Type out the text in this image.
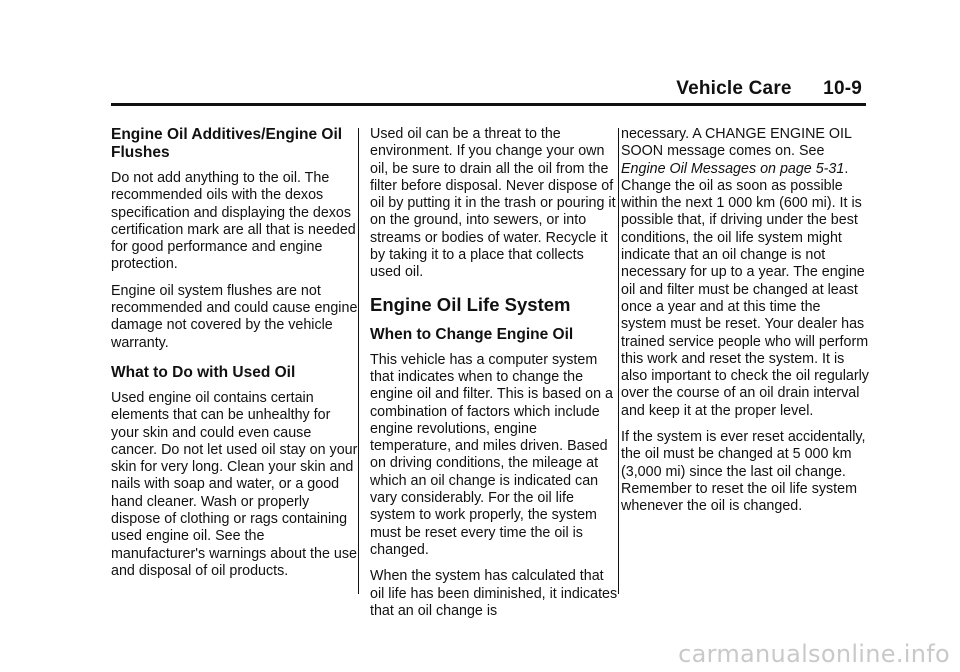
Vehicle Care 10-9
Engine Oil Additives/Engine Oil Flushes

Do not add anything to the oil. The recommended oils with the dexos specification and displaying the dexos certification mark are all that is needed for good performance and engine protection.

Engine oil system flushes are not recommended and could cause engine damage not covered by the vehicle warranty.

What to Do with Used Oil

Used engine oil contains certain elements that can be unhealthy for your skin and could even cause cancer. Do not let used oil stay on your skin for very long. Clean your skin and nails with soap and water, or a good hand cleaner. Wash or properly dispose of clothing or rags containing used engine oil. See the manufacturer's warnings about the use and disposal of oil products.

Used oil can be a threat to the environment. If you change your own oil, be sure to drain all the oil from the filter before disposal. Never dispose of oil by putting it in the trash or pouring it on the ground, into sewers, or into streams or bodies of water. Recycle it by taking it to a place that collects used oil.

Engine Oil Life System
When to Change Engine Oil

This vehicle has a computer system that indicates when to change the engine oil and filter. This is based on a combination of factors which include engine revolutions, engine temperature, and miles driven. Based on driving conditions, the mileage at which an oil change is indicated can vary considerably. For the oil life system to work properly, the system must be reset every time the oil is changed.

When the system has calculated that oil life has been diminished, it indicates that an oil change is

necessary. A CHANGE ENGINE OIL SOON message comes on. See Engine Oil Messages on page 5-31. Change the oil as soon as possible within the next 1 000 km (600 mi). It is possible that, if driving under the best conditions, the oil life system might indicate that an oil change is not necessary for up to a year. The engine oil and filter must be changed at least once a year and at this time the system must be reset. Your dealer has trained service people who will perform this work and reset the system. It is also important to check the oil regularly over the course of an oil drain interval and keep it at the proper level.

If the system is ever reset accidentally, the oil must be changed at 5 000 km (3,000 mi) since the last oil change. Remember to reset the oil life system whenever the oil is changed.

carmanualsonline.info
